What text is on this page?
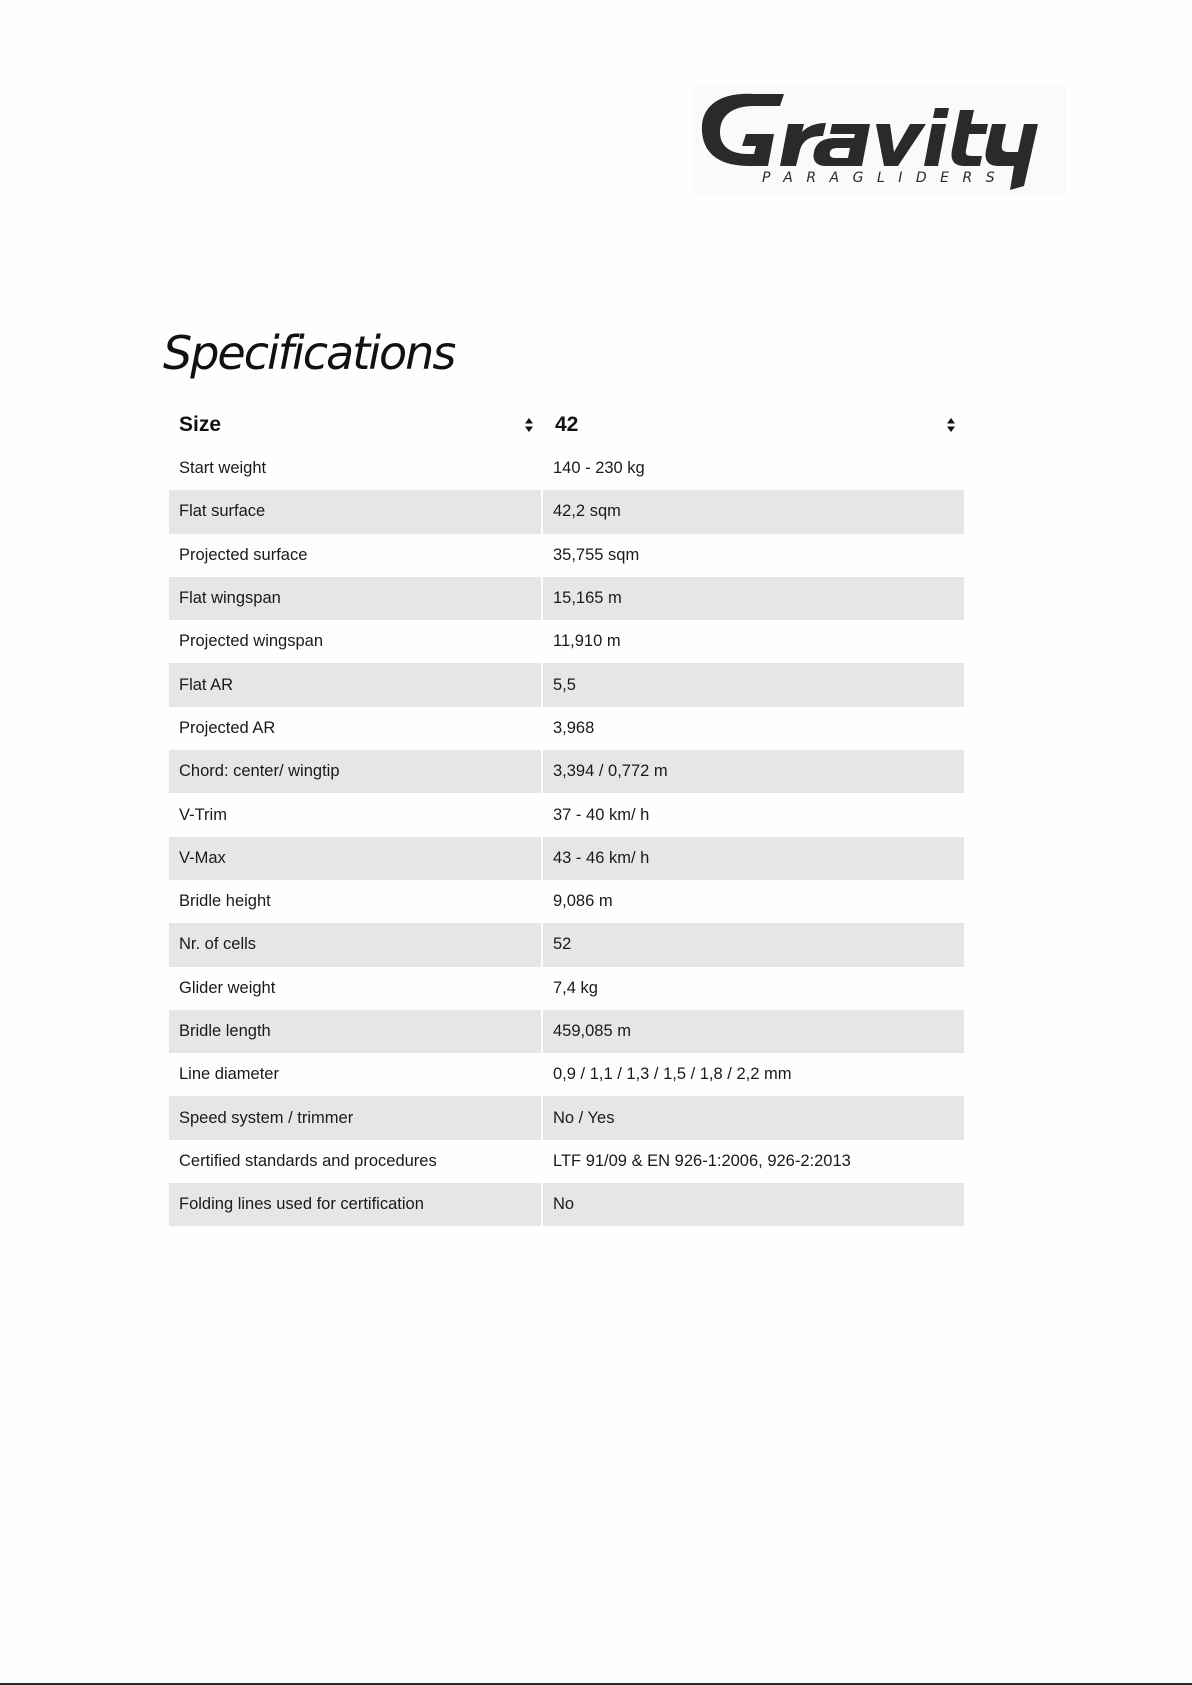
PARAGLIDERS
Specifications
Size	42

Start weight	140 - 230 kg
Flat surface	42,2 sqm
Projected surface	35,755 sqm
Flat wingspan	15,165 m
Projected wingspan	11,910 m
Flat AR	5,5
Projected AR	3,968
Chord: center/ wingtip	3,394 / 0,772 m
V-Trim	37 - 40 km/ h
V-Max	43 - 46 km/ h
Bridle height	9,086 m
Nr. of cells	52
Glider weight	7,4 kg
Bridle length	459,085 m
Line diameter	0,9 / 1,1 / 1,3 / 1,5 / 1,8 / 2,2 mm
Speed system / trimmer	No / Yes
Certified standards and procedures	LTF 91/09 & EN 926-1:2006, 926-2:2013
Folding lines used for certification	No
